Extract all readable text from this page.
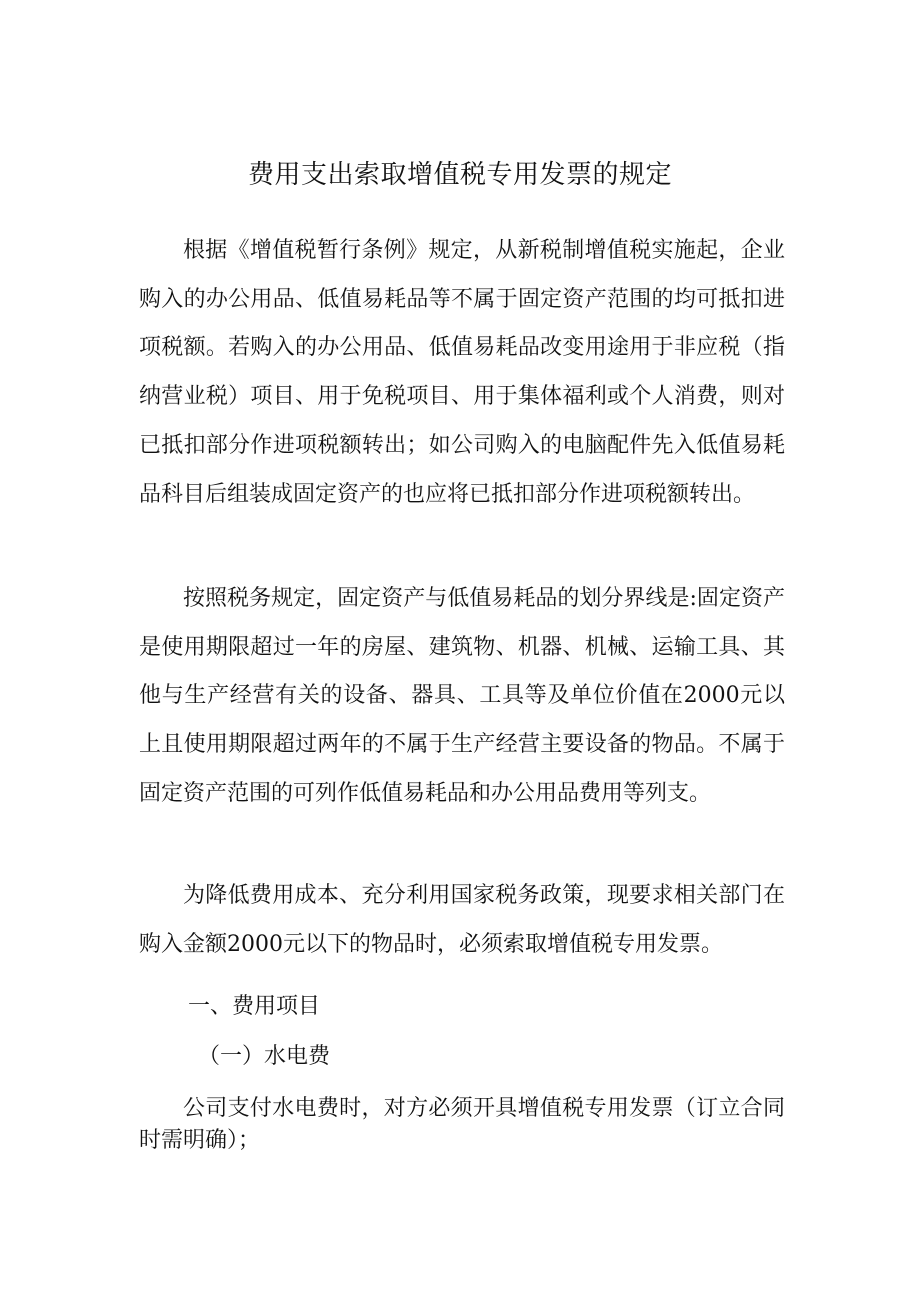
费用支出索取增值税专用发票的规定

根据《增值税暂行条例》规定，从新税制增值税实施起，企业购入的办公用品、低值易耗品等不属于固定资产范围的均可抵扣进项税额。若购入的办公用品、低值易耗品改变用途用于非应税（指纳营业税）项目、用于免税项目、用于集体福利或个人消费，则对已抵扣部分作进项税额转出；如公司购入的电脑配件先入低值易耗品科目后组装成固定资产的也应将已抵扣部分作进项税额转出。

按照税务规定，固定资产与低值易耗品的划分界线是:固定资产是使用期限超过一年的房屋、建筑物、机器、机械、运输工具、其他与生产经营有关的设备、器具、工具等及单位价值在2000元以上且使用期限超过两年的不属于生产经营主要设备的物品。不属于固定资产范围的可列作低值易耗品和办公用品费用等列支。

为降低费用成本、充分利用国家税务政策，现要求相关部门在购入金额2000元以下的物品时，必须索取增值税专用发票。

一、费用项目
（一）水电费

公司支付水电费时，对方必须开具增值税专用发票（订立合同时需明确）；
